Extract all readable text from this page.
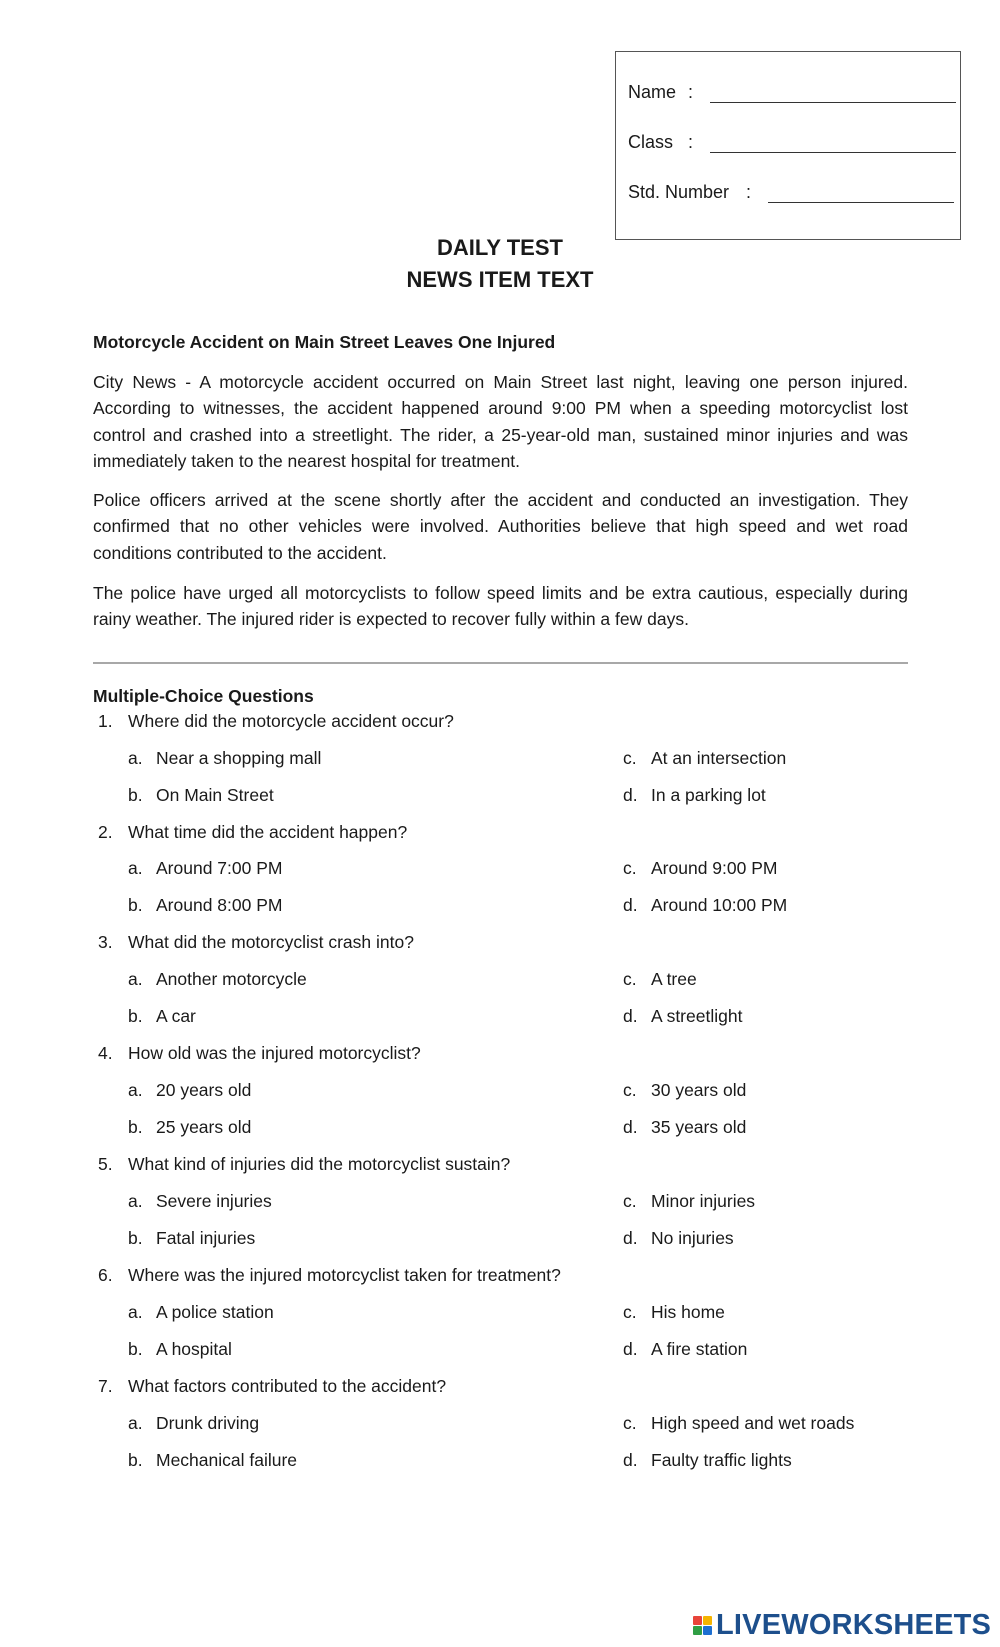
Name :
Class :
Std. Number :
DAILY TEST
NEWS ITEM TEXT
Motorcycle Accident on Main Street Leaves One Injured

City News - A motorcycle accident occurred on Main Street last night, leaving one person injured. According to witnesses, the accident happened around 9:00 PM when a speeding motorcyclist lost control and crashed into a streetlight. The rider, a 25-year-old man, sustained minor injuries and was immediately taken to the nearest hospital for treatment.

Police officers arrived at the scene shortly after the accident and conducted an investigation. They confirmed that no other vehicles were involved. Authorities believe that high speed and wet road conditions contributed to the accident.

The police have urged all motorcyclists to follow speed limits and be extra cautious, especially during rainy weather. The injured rider is expected to recover fully within a few days.

Multiple-Choice Questions
1. Where did the motorcycle accident occur?
a. Near a shopping mall
b. On Main Street
c. At an intersection
d. In a parking lot
2. What time did the accident happen?
a. Around 7:00 PM
b. Around 8:00 PM
c. Around 9:00 PM
d. Around 10:00 PM
3. What did the motorcyclist crash into?
a. Another motorcycle
b. A car
c. A tree
d. A streetlight
4. How old was the injured motorcyclist?
a. 20 years old
b. 25 years old
c. 30 years old
d. 35 years old
5. What kind of injuries did the motorcyclist sustain?
a. Severe injuries
b. Fatal injuries
c. Minor injuries
d. No injuries
6. Where was the injured motorcyclist taken for treatment?
a. A police station
b. A hospital
c. His home
d. A fire station
7. What factors contributed to the accident?
a. Drunk driving
b. Mechanical failure
c. High speed and wet roads
d. Faulty traffic lights
LIVEWORKSHEETS
